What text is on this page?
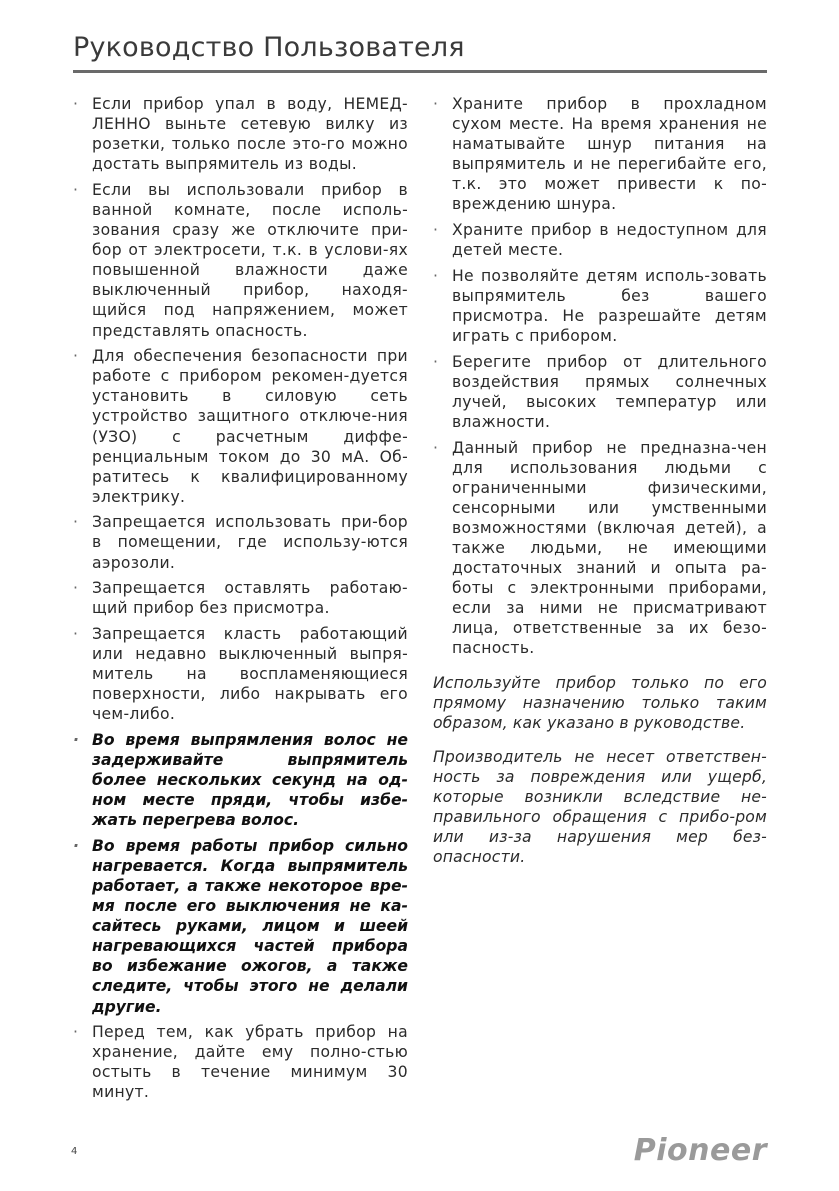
Руководство Пользователя
· Если прибор упал в воду, НЕМЕД-ЛЕННО выньте сетевую вилку из розетки, только после это-го можно достать выпрямитель из воды.
· Если вы использовали прибор в ванной комнате, после исполь-зования сразу же отключите при-бор от электросети, т.к. в услови-ях повышенной влажности даже выключенный прибор, находя-щийся под напряжением, может представлять опасность.
· Для обеспечения безопасности при работе с прибором рекомен-дуется установить в силовую сеть устройство защитного отключе-ния (УЗО) с расчетным диффе-ренциальным током до 30 мА. Об-ратитесь к квалифицированному электрику.
· Запрещается использовать при-бор в помещении, где использу-ются аэрозоли.
· Запрещается оставлять работаю-щий прибор без присмотра.
· Запрещается класть работающий или недавно выключенный выпря-митель на воспламеняющиеся поверхности, либо накрывать его чем-либо.
· Во время выпрямления волос не задерживайте выпрямитель более нескольких секунд на од-ном месте пряди, чтобы избе-жать перегрева волос.
· Во время работы прибор сильно нагревается. Когда выпрямитель работает, а также некоторое вре-мя после его выключения не ка-сайтесь руками, лицом и шеей нагревающихся частей прибора во избежание ожогов, а также следите, чтобы этого не делали другие.
· Перед тем, как убрать прибор на хранение, дайте ему полно-стью остыть в течение минимум 30 минут.
· Храните прибор в прохладном сухом месте. На время хранения не наматывайте шнур питания на выпрямитель и не перегибайте его, т.к. это может привести к по-вреждению шнура.
· Храните прибор в недоступном для детей месте.
· Не позволяйте детям исполь-зовать выпрямитель без вашего присмотра. Не разрешайте детям играть с прибором.
· Берегите прибор от длительного воздействия прямых солнечных лучей, высоких температур или влажности.
· Данный прибор не предназна-чен для использования людьми с ограниченными физическими, сенсорными или умственными возможностями (включая детей), а также людьми, не имеющими достаточных знаний и опыта ра-боты с электронными приборами, если за ними не присматривают лица, ответственные за их безо-пасность.

Используйте прибор только по его прямому назначению только таким образом, как указано в руководстве.

Производитель не несет ответствен-ность за повреждения или ущерб, которые возникли вследствие не-правильного обращения с прибо-ром или из-за нарушения мер без-опасности.

4	Pioneer
